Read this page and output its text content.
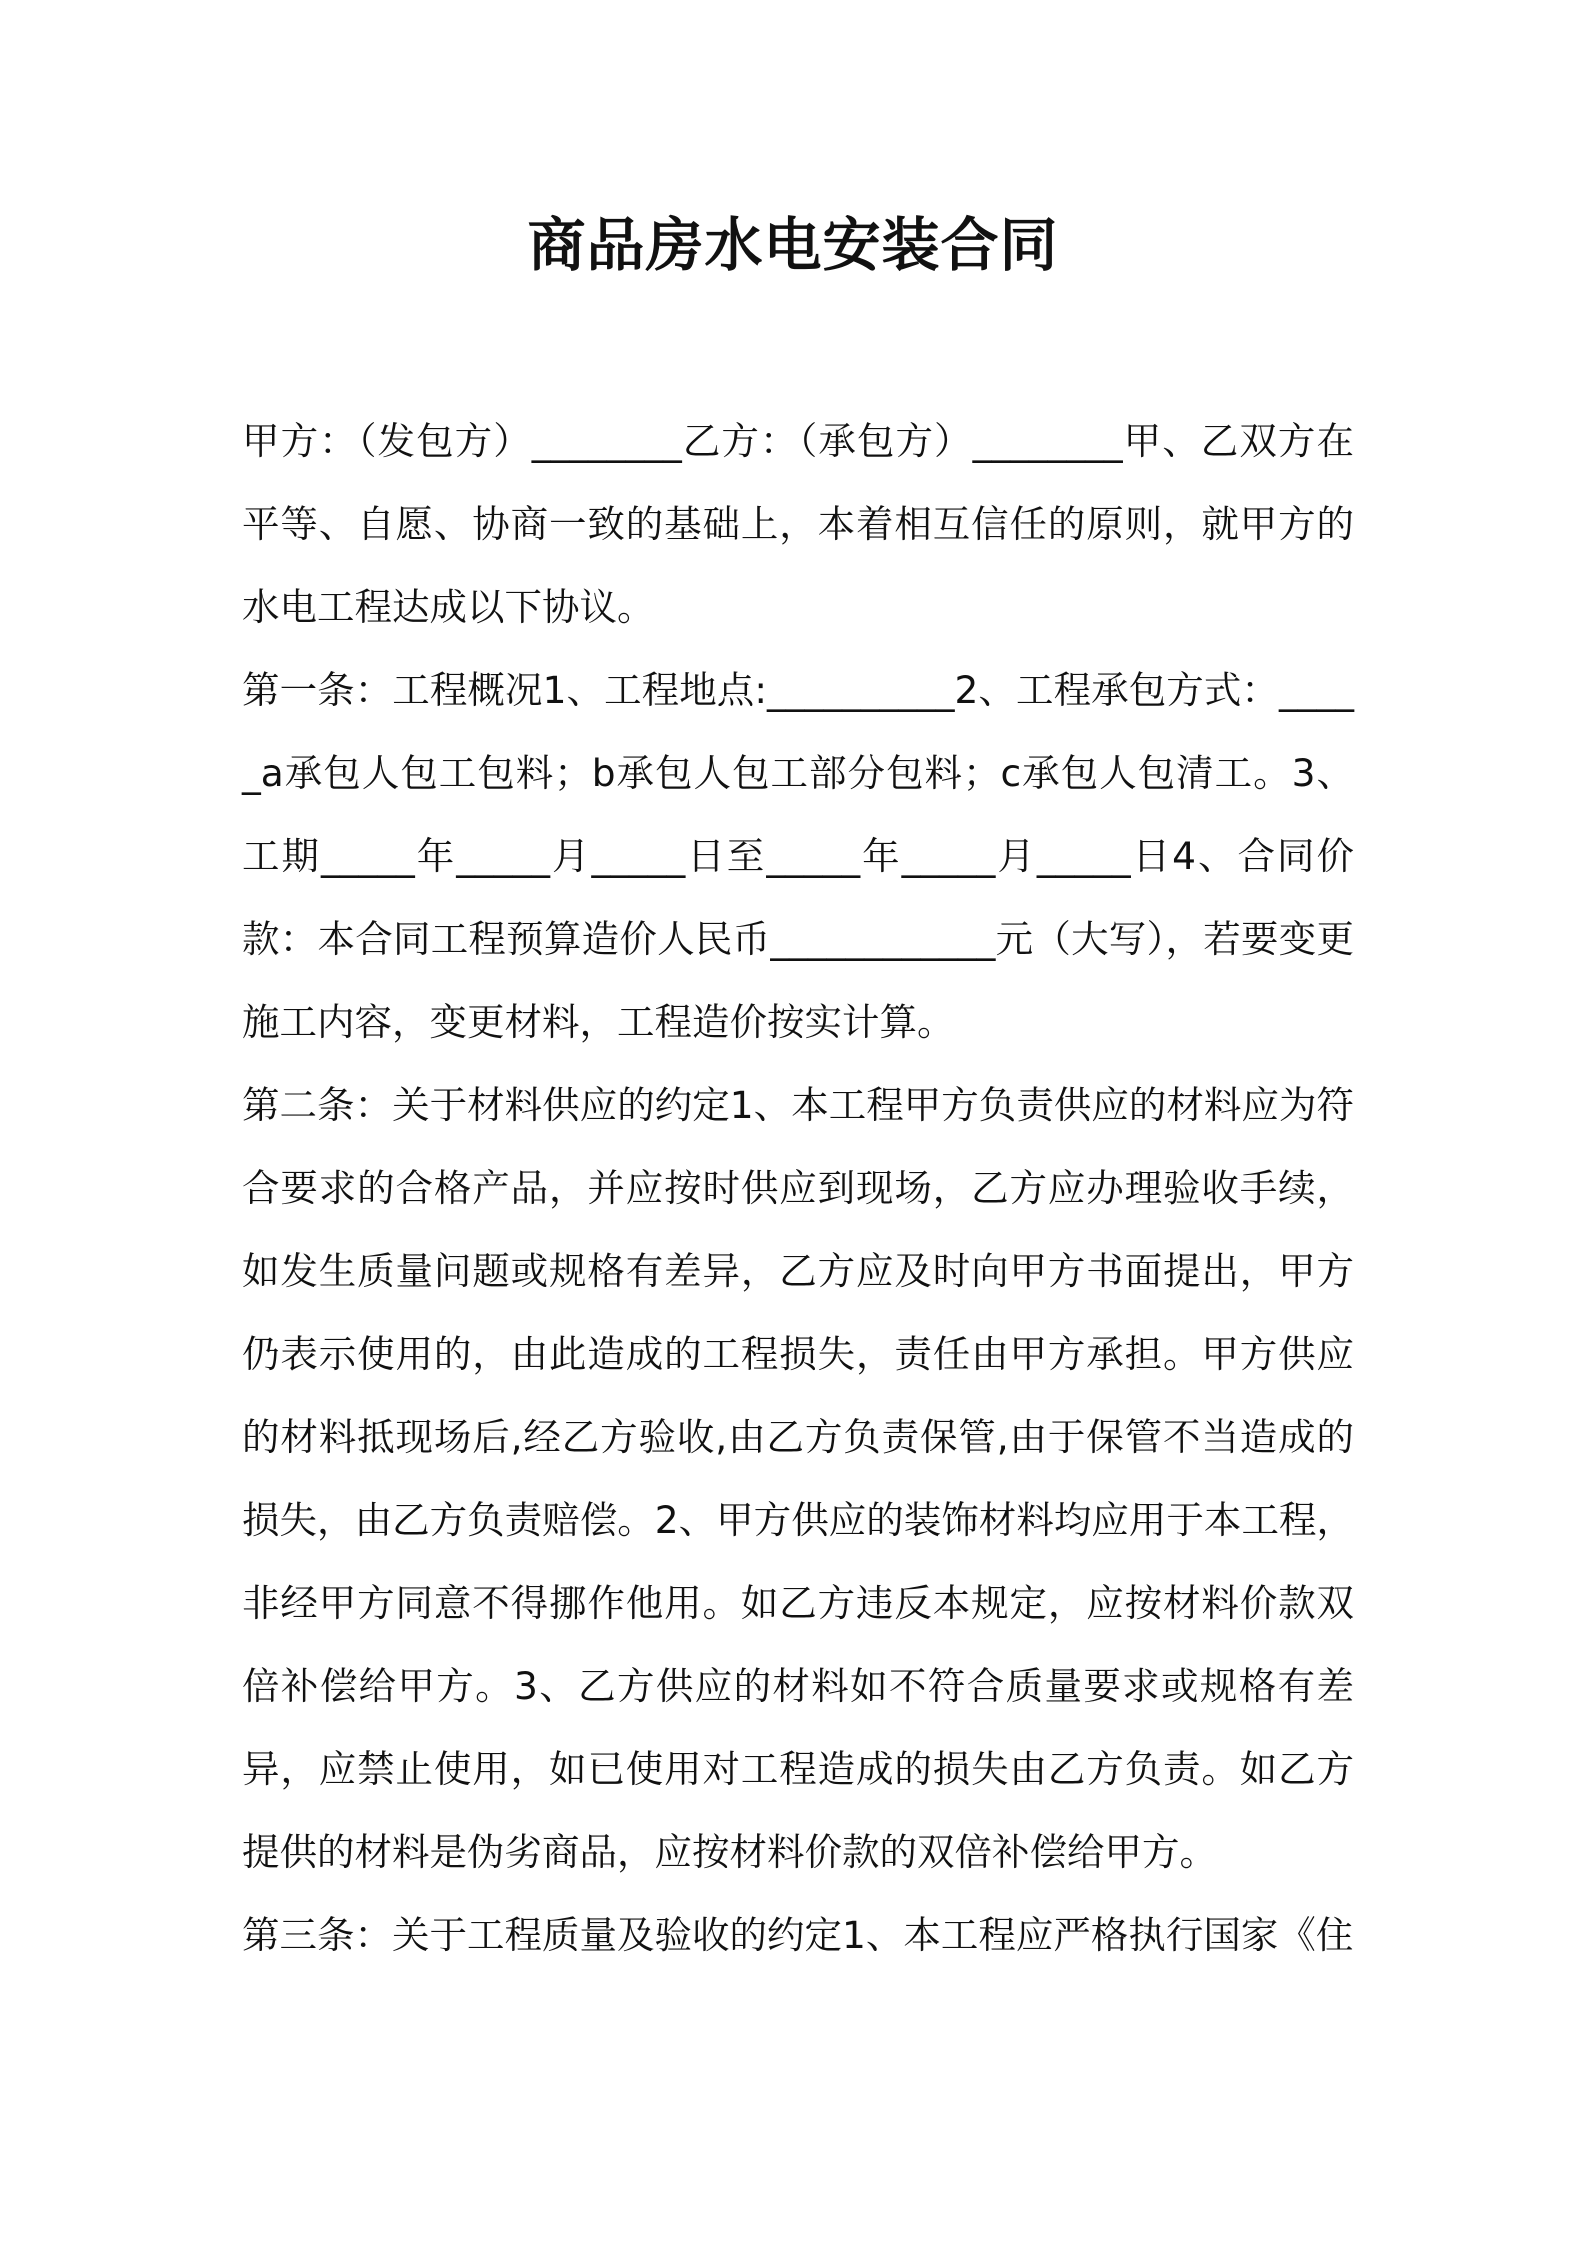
商品房水电安装合同

甲方：（发包方）________乙方：（承包方）________甲、乙双方在平等、自愿、协商一致的基础上，本着相互信任的原则，就甲方的水电工程达成以下协议。

第一条：工程概况1、工程地点:__________2、工程承包方式：_____a承包人包工包料；b承包人包工部分包料；c承包人包清工。3、工期_____年_____月_____日至_____年_____月_____日4、合同价款：本合同工程预算造价人民币____________元（大写），若要变更施工内容，变更材料，工程造价按实计算。

第二条：关于材料供应的约定1、本工程甲方负责供应的材料应为符合要求的合格产品，并应按时供应到现场，乙方应办理验收手续，如发生质量问题或规格有差异，乙方应及时向甲方书面提出，甲方仍表示使用的，由此造成的工程损失，责任由甲方承担。甲方供应的材料抵现场后,经乙方验收,由乙方负责保管,由于保管不当造成的损失，由乙方负责赔偿。2、甲方供应的装饰材料均应用于本工程，非经甲方同意不得挪作他用。如乙方违反本规定，应按材料价款双倍补偿给甲方。3、乙方供应的材料如不符合质量要求或规格有差异，应禁止使用，如已使用对工程造成的损失由乙方负责。如乙方提供的材料是伪劣商品，应按材料价款的双倍补偿给甲方。

第三条：关于工程质量及验收的约定1、本工程应严格执行国家《住
